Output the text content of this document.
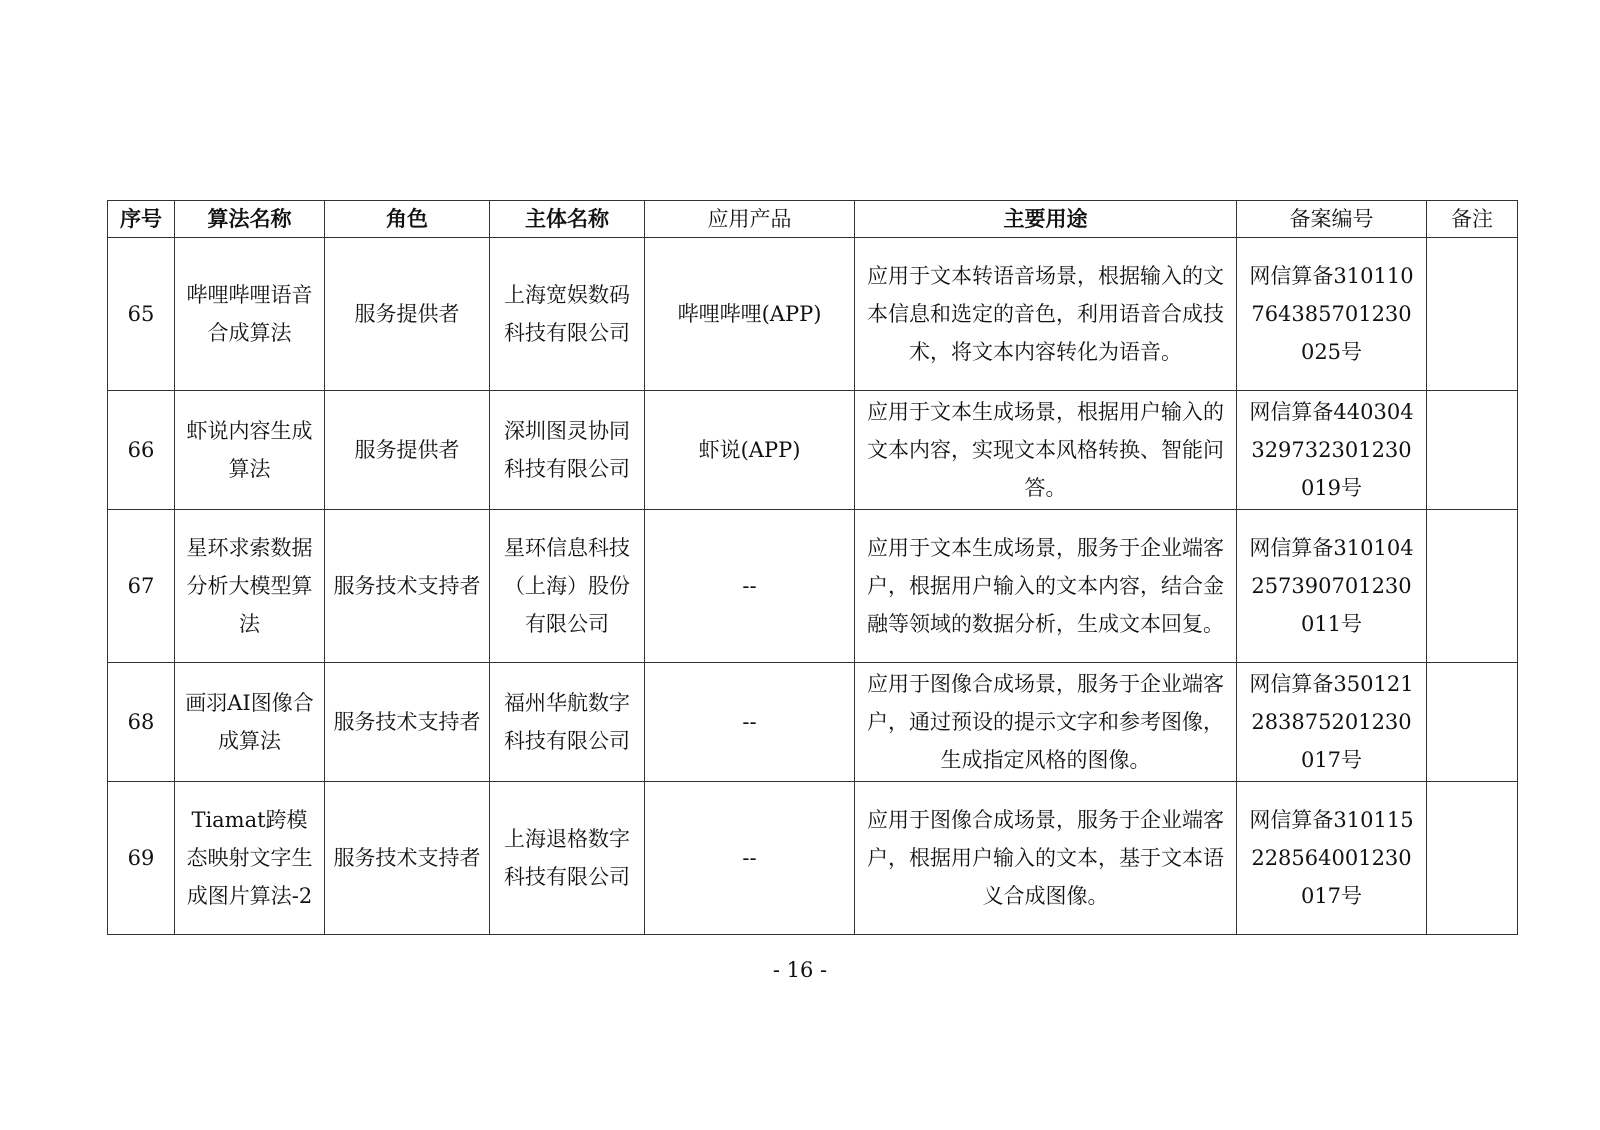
序号	算法名称	角色	主体名称	应用产品	主要用途	备案编号	备注
65	哔哩哔哩语音合成算法	服务提供者	上海宽娱数码科技有限公司	哔哩哔哩(APP)	应用于文本转语音场景，根据输入的文本信息和选定的音色，利用语音合成技术，将文本内容转化为语音。	网信算备310110764385701230025号	
66	虾说内容生成算法	服务提供者	深圳图灵协同科技有限公司	虾说(APP)	应用于文本生成场景，根据用户输入的文本内容，实现文本风格转换、智能问答。	网信算备440304329732301230019号	
67	星环求索数据分析大模型算法	服务技术支持者	星环信息科技（上海）股份有限公司	--	应用于文本生成场景，服务于企业端客户，根据用户输入的文本内容，结合金融等领域的数据分析，生成文本回复。	网信算备310104257390701230011号	
68	画羽AI图像合成算法	服务技术支持者	福州华航数字科技有限公司	--	应用于图像合成场景，服务于企业端客户，通过预设的提示文字和参考图像，生成指定风格的图像。	网信算备350121283875201230017号	
69	Tiamat跨模态映射文字生成图片算法-2	服务技术支持者	上海退格数字科技有限公司	--	应用于图像合成场景，服务于企业端客户，根据用户输入的文本，基于文本语义合成图像。	网信算备310115228564001230017号	
- 16 -
